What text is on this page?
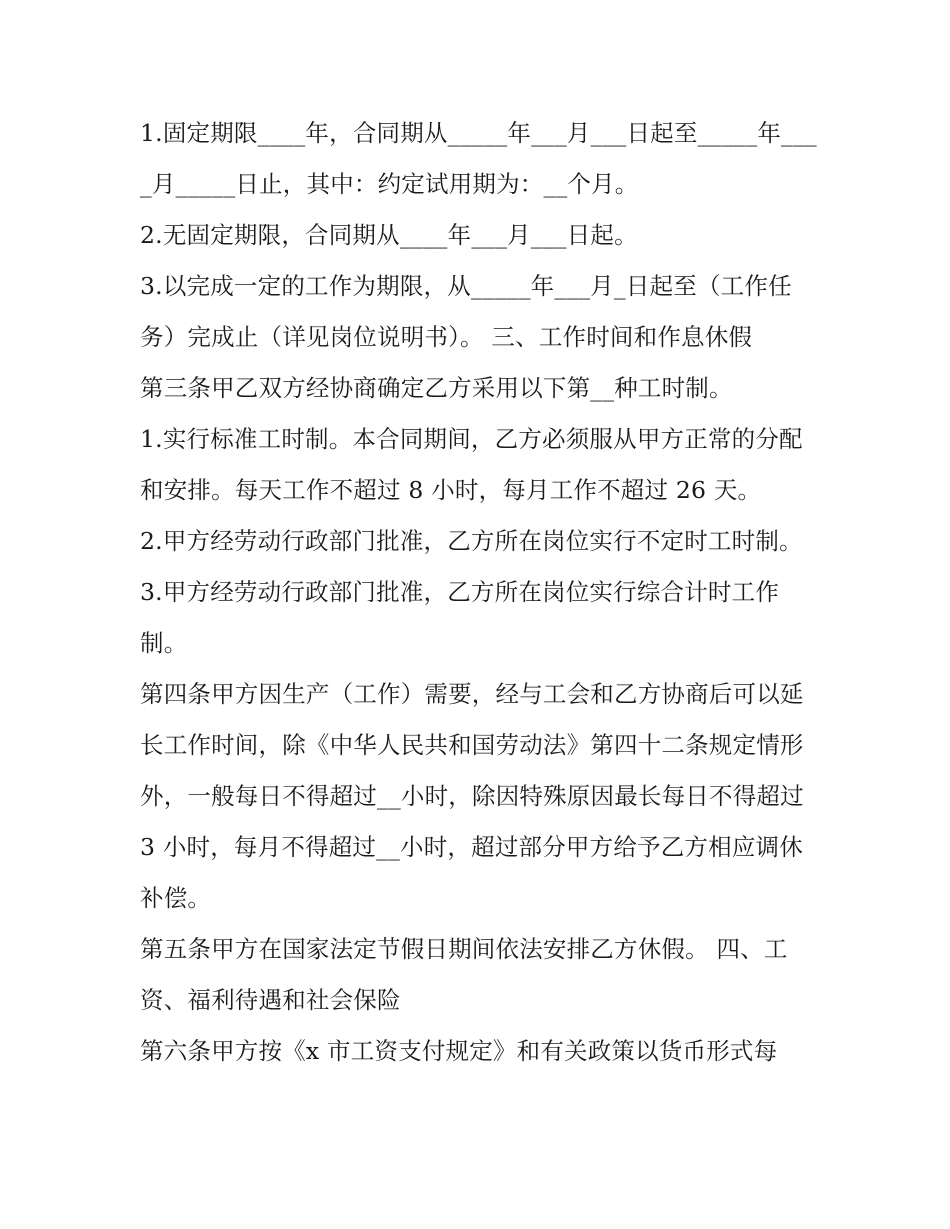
1.固定期限____年，合同期从_____年___月___日起至_____年____月_____日止，其中：约定试用期为：__个月。

2.无固定期限，合同期从____年___月___日起。

3.以完成一定的工作为期限，从_____年___月_日起至（工作任务）完成止（详见岗位说明书）。 三、工作时间和作息休假

第三条甲乙双方经协商确定乙方采用以下第__种工时制。

1.实行标准工时制。本合同期间，乙方必须服从甲方正常的分配和安排。每天工作不超过 8 小时，每月工作不超过 26 天。

2.甲方经劳动行政部门批准，乙方所在岗位实行不定时工时制。 3.甲方经劳动行政部门批准，乙方所在岗位实行综合计时工作制。

第四条甲方因生产（工作）需要，经与工会和乙方协商后可以延长工作时间，除《中华人民共和国劳动法》第四十二条规定情形外，一般每日不得超过__小时，除因特殊原因最长每日不得超过 3 小时，每月不得超过__小时，超过部分甲方给予乙方相应调休补偿。

第五条甲方在国家法定节假日期间依法安排乙方休假。 四、工资、福利待遇和社会保险

第六条甲方按《x 市工资支付规定》和有关政策以货币形式每
